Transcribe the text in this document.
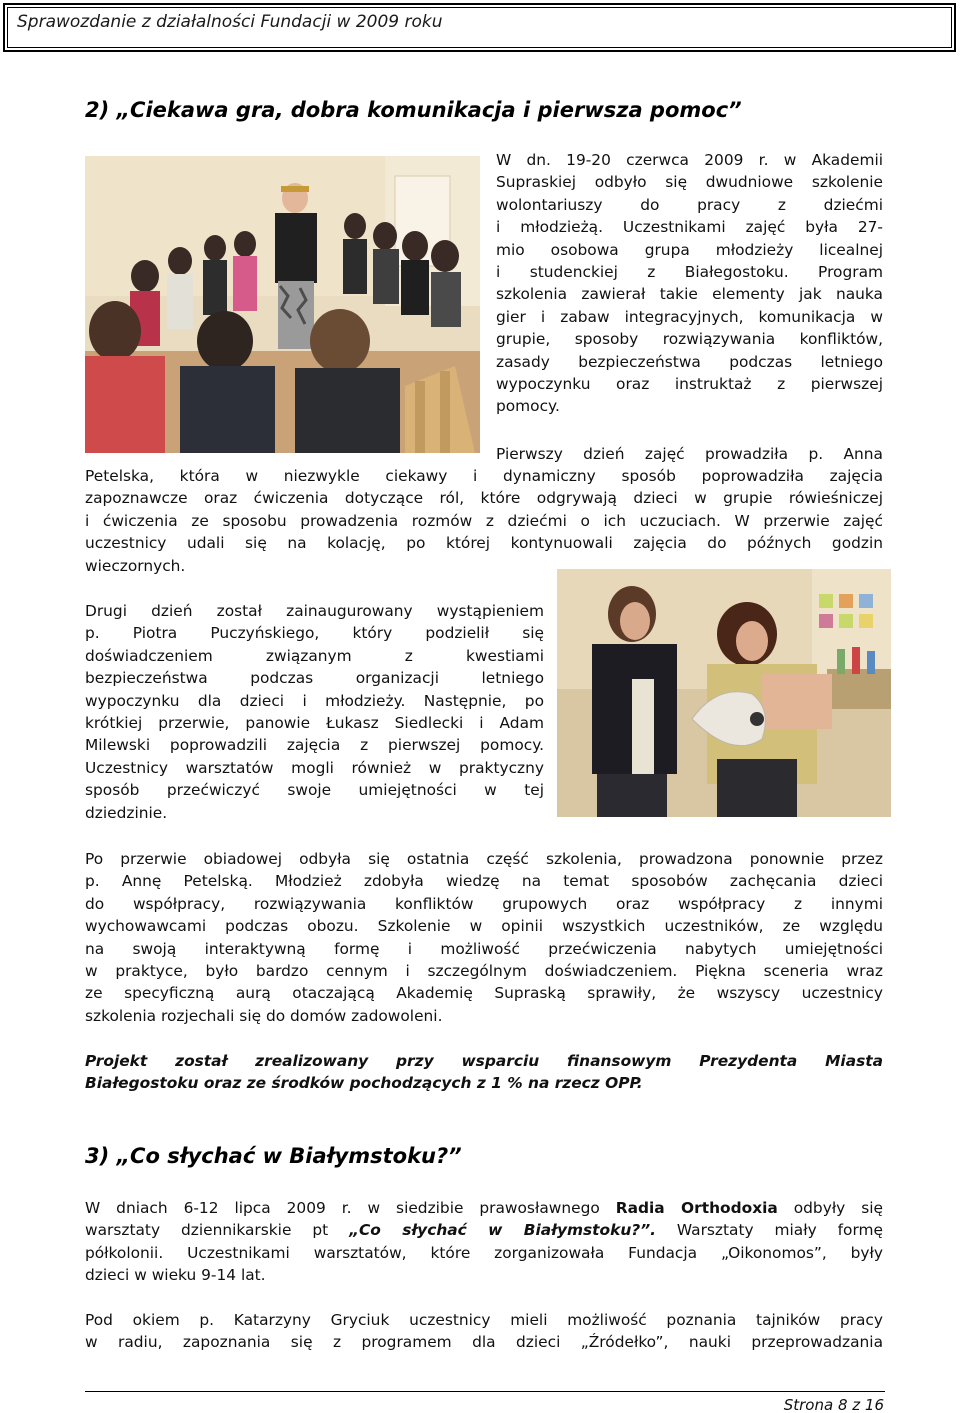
Sprawozdanie z działalności Fundacji w 2009 roku
2) „Ciekawa gra, dobra komunikacja i pierwsza pomoc”
W dn. 19-20 czerwca 2009 r. w Akademii
Supraskiej odbyło się dwudniowe szkolenie
wolontariuszy do pracy z dziećmi
i młodzieżą. Uczestnikami zajęć była 27-
mio osobowa grupa młodzieży licealnej
i studenckiej z Białegostoku. Program
szkolenia zawierał takie elementy jak nauka
gier i zabaw integracyjnych, komunikacja w
grupie, sposoby rozwiązywania konfliktów,
zasady bezpieczeństwa podczas letniego
wypoczynku oraz instruktaż z pierwszej
pomocy.
Pierwszy dzień zajęć prowadziła p. Anna
Petelska, która w niezwykle ciekawy i dynamiczny sposób poprowadziła zajęcia
zapoznawcze oraz ćwiczenia dotyczące ról, które odgrywają dzieci w grupie rówieśniczej
i ćwiczenia ze sposobu prowadzenia rozmów z dziećmi o ich uczuciach. W przerwie zajęć
uczestnicy udali się na kolację, po której kontynuowali zajęcia do późnych godzin
wieczornych.
Drugi dzień został zainaugurowany wystąpieniem
p. Piotra Puczyńskiego, który podzielił się
doświadczeniem związanym z kwestiami
bezpieczeństwa podczas organizacji letniego
wypoczynku dla dzieci i młodzieży. Następnie, po
krótkiej przerwie, panowie Łukasz Siedlecki i Adam
Milewski poprowadzili zajęcia z pierwszej pomocy.
Uczestnicy warsztatów mogli również w praktyczny
sposób przećwiczyć swoje umiejętności w tej
dziedzinie.
Po przerwie obiadowej odbyła się ostatnia część szkolenia, prowadzona ponownie przez
p. Annę Petelską. Młodzież zdobyła wiedzę na temat sposobów zachęcania dzieci
do współpracy, rozwiązywania konfliktów grupowych oraz współpracy z innymi
wychowawcami podczas obozu. Szkolenie w opinii wszystkich uczestników, ze względu
na swoją interaktywną formę i możliwość przećwiczenia nabytych umiejętności
w praktyce, było bardzo cennym i szczególnym doświadczeniem. Piękna sceneria wraz
ze specyficzną aurą otaczającą Akademię Supraską sprawiły, że wszyscy uczestnicy
szkolenia rozjechali się do domów zadowoleni.
Projekt został zrealizowany przy wsparciu finansowym Prezydenta Miasta
Białegostoku oraz ze środków pochodzących z 1 % na rzecz OPP.
3) „Co słychać w Białymstoku?”
W dniach 6-12 lipca 2009 r. w siedzibie prawosławnego Radia Orthodoxia odbyły się
warsztaty dziennikarskie pt „Co słychać w Białymstoku?”. Warsztaty miały formę
półkolonii. Uczestnikami warsztatów, które zorganizowała Fundacja „Oikonomos”, były
dzieci w wieku 9-14 lat.
Pod okiem p. Katarzyny Gryciuk uczestnicy mieli możliwość poznania tajników pracy
w radiu, zapoznania się z programem dla dzieci „Źródełko”, nauki przeprowadzania
Strona 8 z 16
